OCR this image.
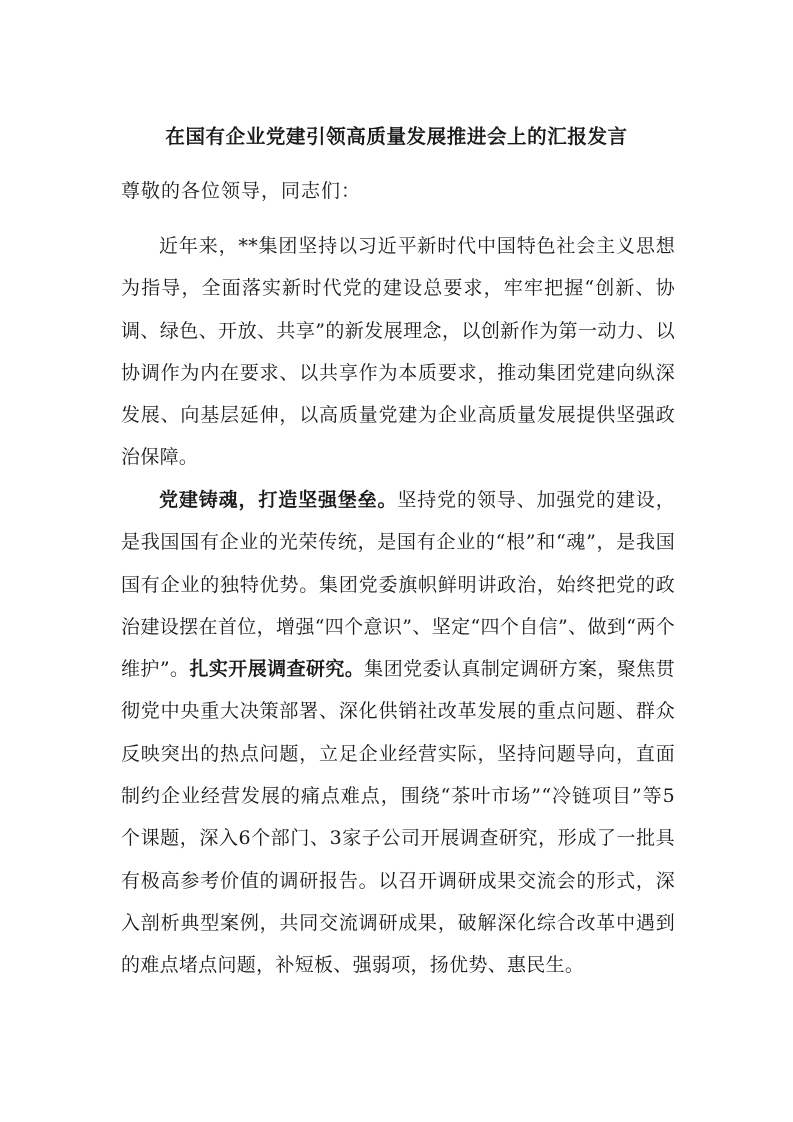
在国有企业党建引领高质量发展推进会上的汇报发言
尊敬的各位领导，同志们：

近年来，**集团坚持以习近平新时代中国特色社会主义思想为指导，全面落实新时代党的建设总要求，牢牢把握“创新、协调、绿色、开放、共享”的新发展理念，以创新作为第一动力、以协调作为内在要求、以共享作为本质要求，推动集团党建向纵深发展、向基层延伸，以高质量党建为企业高质量发展提供坚强政治保障。

党建铸魂，打造坚强堡垒。坚持党的领导、加强党的建设，是我国国有企业的光荣传统，是国有企业的“根”和“魂”，是我国国有企业的独特优势。集团党委旗帜鲜明讲政治，始终把党的政治建设摆在首位，增强“四个意识”、坚定“四个自信”、做到“两个维护”。扎实开展调查研究。集团党委认真制定调研方案，聚焦贯彻党中央重大决策部署、深化供销社改革发展的重点问题、群众反映突出的热点问题，立足企业经营实际，坚持问题导向，直面制约企业经营发展的痛点难点，围绕“茶叶市场”“冷链项目”等5个课题，深入6个部门、3家子公司开展调查研究，形成了一批具有极高参考价值的调研报告。以召开调研成果交流会的形式，深入剖析典型案例，共同交流调研成果，破解深化综合改革中遇到的难点堵点问题，补短板、强弱项，扬优势、惠民生。
